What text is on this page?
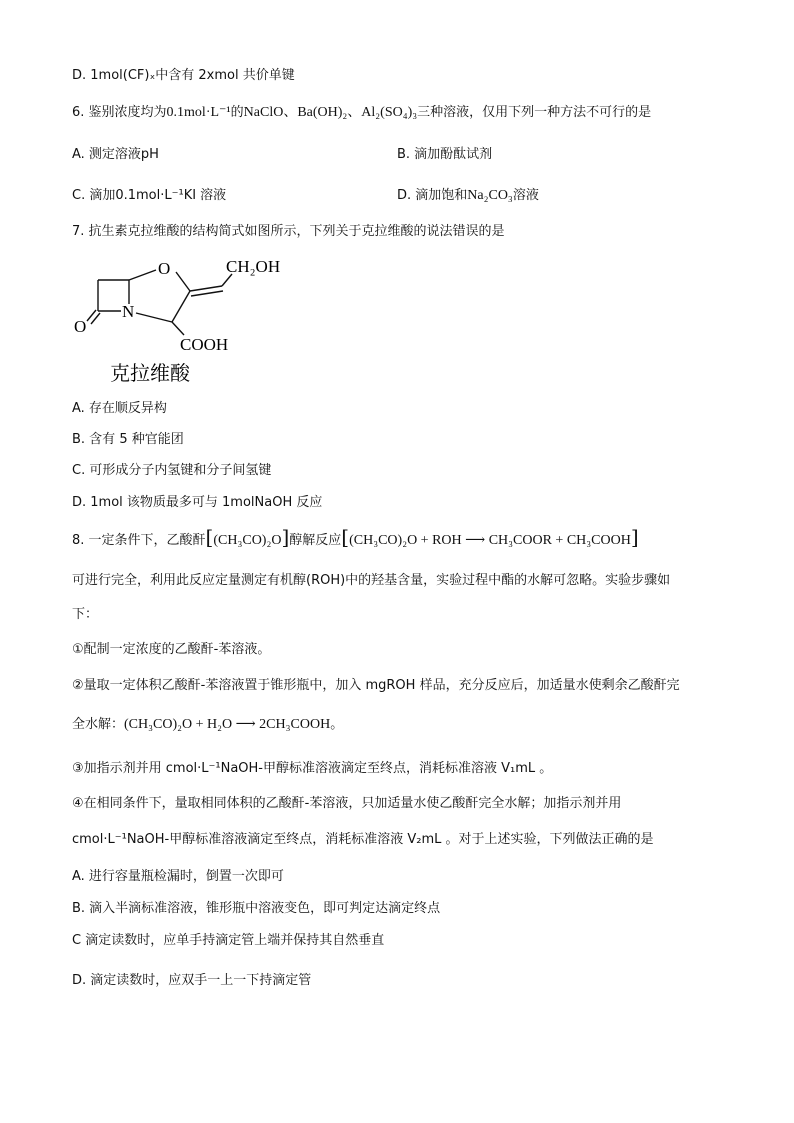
D. 1mol(CF)ₓ中含有 2xmol 共价单键
6. 鉴别浓度均为0.1mol·L⁻¹的NaClO、Ba(OH)₂、Al₂(SO₄)₃三种溶液，仅用下列一种方法不可行的是
A. 测定溶液pH	B. 滴加酚酞试剂
C. 滴加0.1mol·L⁻¹KI 溶液	D. 滴加饱和Na₂CO₃溶液
7. 抗生素克拉维酸的结构简式如图所示，下列关于克拉维酸的说法错误的是
O
N
O
CH₂OH
COOH
克拉维酸
A. 存在顺反异构
B. 含有 5 种官能团
C. 可形成分子内氢键和分子间氢键
D. 1mol 该物质最多可与 1molNaOH 反应
8. 一定条件下，乙酸酐[(CH₃CO)₂O]醇解反应[(CH₃CO)₂O + ROH ⟶ CH₃COOR + CH₃COOH]
可进行完全，利用此反应定量测定有机醇(ROH)中的羟基含量，实验过程中酯的水解可忽略。实验步骤如
下：
①配制一定浓度的乙酸酐-苯溶液。
②量取一定体积乙酸酐-苯溶液置于锥形瓶中，加入 mgROH 样品，充分反应后，加适量水使剩余乙酸酐完
全水解：(CH₃CO)₂O + H₂O ⟶ 2CH₃COOH。
③加指示剂并用 cmol·L⁻¹NaOH-甲醇标准溶液滴定至终点，消耗标准溶液 V₁mL 。
④在相同条件下，量取相同体积的乙酸酐-苯溶液，只加适量水使乙酸酐完全水解；加指示剂并用
cmol·L⁻¹NaOH-甲醇标准溶液滴定至终点，消耗标准溶液 V₂mL 。对于上述实验，下列做法正确的是
A. 进行容量瓶检漏时，倒置一次即可
B. 滴入半滴标准溶液，锥形瓶中溶液变色，即可判定达滴定终点
C 滴定读数时，应单手持滴定管上端并保持其自然垂直
D. 滴定读数时，应双手一上一下持滴定管
